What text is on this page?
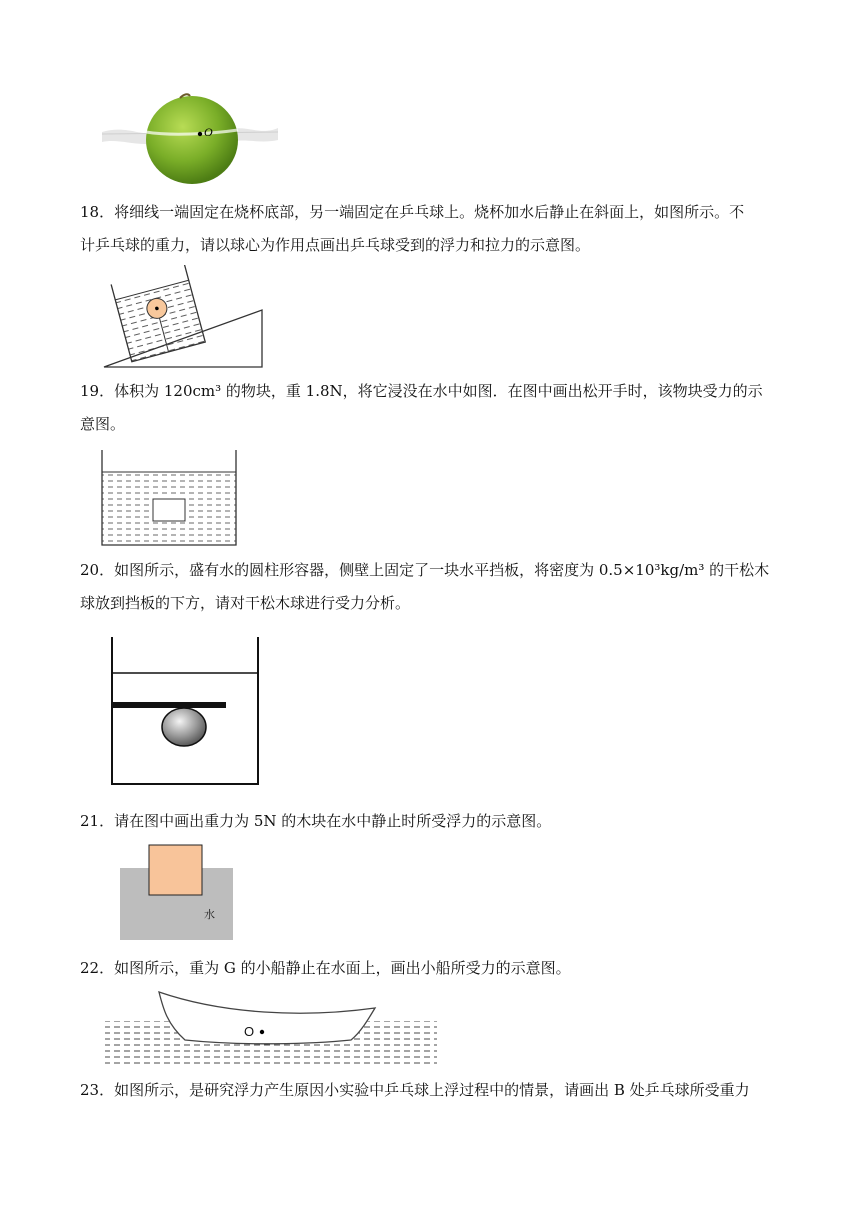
O
18．将细线一端固定在烧杯底部，另一端固定在乒乓球上。烧杯加水后静止在斜面上，如图所示。不
计乒乓球的重力，请以球心为作用点画出乒乓球受到的浮力和拉力的示意图。
19．体积为 120cm³ 的物块，重 1.8N，将它浸没在水中如图．在图中画出松开手时，该物块受力的示
意图。
20．如图所示，盛有水的圆柱形容器，侧壁上固定了一块水平挡板，将密度为 0.5×10³kg/m³ 的干松木
球放到挡板的下方，请对干松木球进行受力分析。
21．请在图中画出重力为 5N 的木块在水中静止时所受浮力的示意图。
水
22．如图所示，重为 G 的小船静止在水面上，画出小船所受力的示意图。
O
23．如图所示，是研究浮力产生原因小实验中乒乓球上浮过程中的情景，请画出 B 处乒乓球所受重力
